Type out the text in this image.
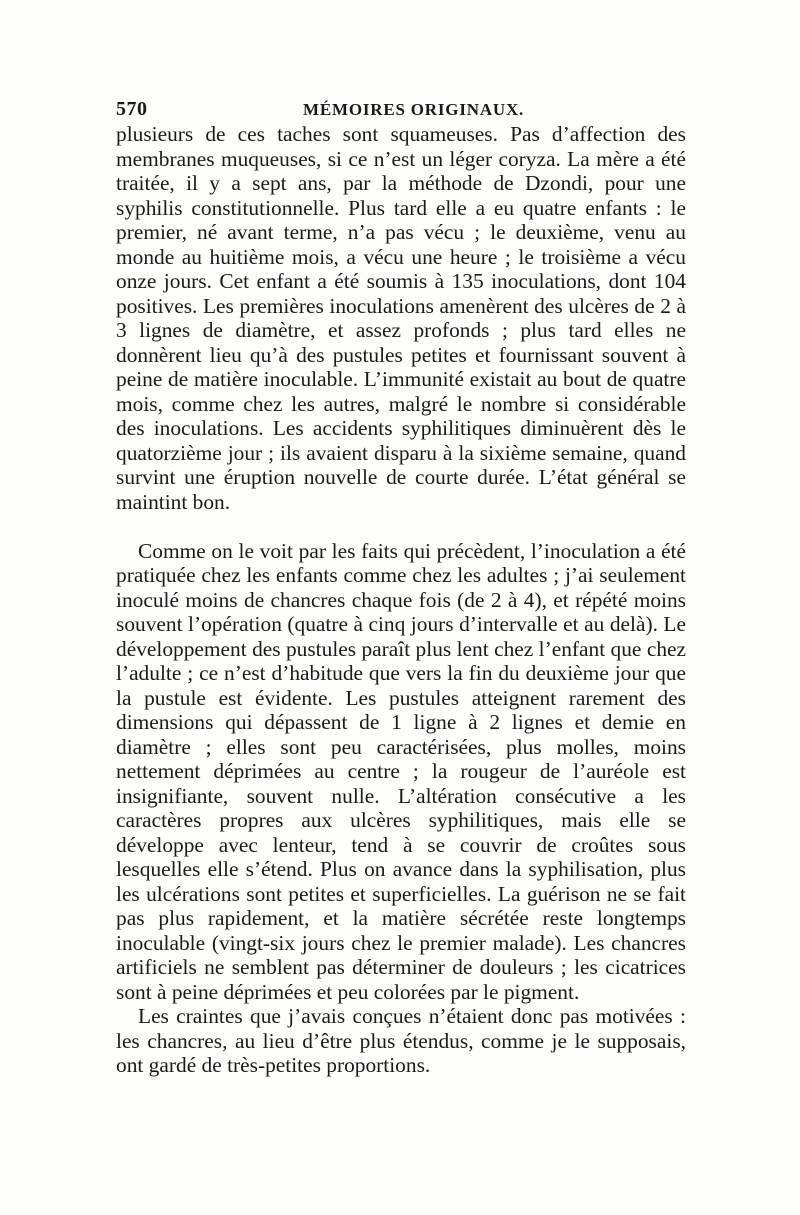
570	MÉMOIRES ORIGINAUX.

plusieurs de ces taches sont squameuses. Pas d’affection des membranes muqueuses, si ce n’est un léger coryza. La mère a été traitée, il y a sept ans, par la méthode de Dzondi, pour une syphilis constitutionnelle. Plus tard elle a eu quatre enfants : le premier, né avant terme, n’a pas vécu ; le deuxième, venu au monde au huitième mois, a vécu une heure ; le troisième a vécu onze jours. Cet enfant a été soumis à 135 inoculations, dont 104 positives. Les premières inoculations amenèrent des ulcères de 2 à 3 lignes de diamètre, et assez profonds ; plus tard elles ne donnèrent lieu qu’à des pustules petites et fournissant souvent à peine de matière inoculable. L’immunité existait au bout de quatre mois, comme chez les autres, malgré le nombre si considérable des inoculations. Les accidents syphilitiques diminuèrent dès le quatorzième jour ; ils avaient disparu à la sixième semaine, quand survint une éruption nouvelle de courte durée. L’état général se maintint bon.

Comme on le voit par les faits qui précèdent, l’inoculation a été pratiquée chez les enfants comme chez les adultes ; j’ai seulement inoculé moins de chancres chaque fois (de 2 à 4), et répété moins souvent l’opération (quatre à cinq jours d’intervalle et au delà). Le développement des pustules paraît plus lent chez l’enfant que chez l’adulte ; ce n’est d’habitude que vers la fin du deuxième jour que la pustule est évidente. Les pustules atteignent rarement des dimensions qui dépassent de 1 ligne à 2 lignes et demie en diamètre ; elles sont peu caractérisées, plus molles, moins nettement déprimées au centre ; la rougeur de l’auréole est insignifiante, souvent nulle. L’altération consécutive a les caractères propres aux ulcères syphilitiques, mais elle se développe avec lenteur, tend à se couvrir de croûtes sous lesquelles elle s’étend. Plus on avance dans la syphilisation, plus les ulcérations sont petites et superficielles. La guérison ne se fait pas plus rapidement, et la matière sécrétée reste longtemps inoculable (vingt-six jours chez le premier malade). Les chancres artificiels ne semblent pas déterminer de douleurs ; les cicatrices sont à peine déprimées et peu colorées par le pigment.

Les craintes que j’avais conçues n’étaient donc pas motivées : les chancres, au lieu d’être plus étendus, comme je le supposais, ont gardé de très-petites proportions.
